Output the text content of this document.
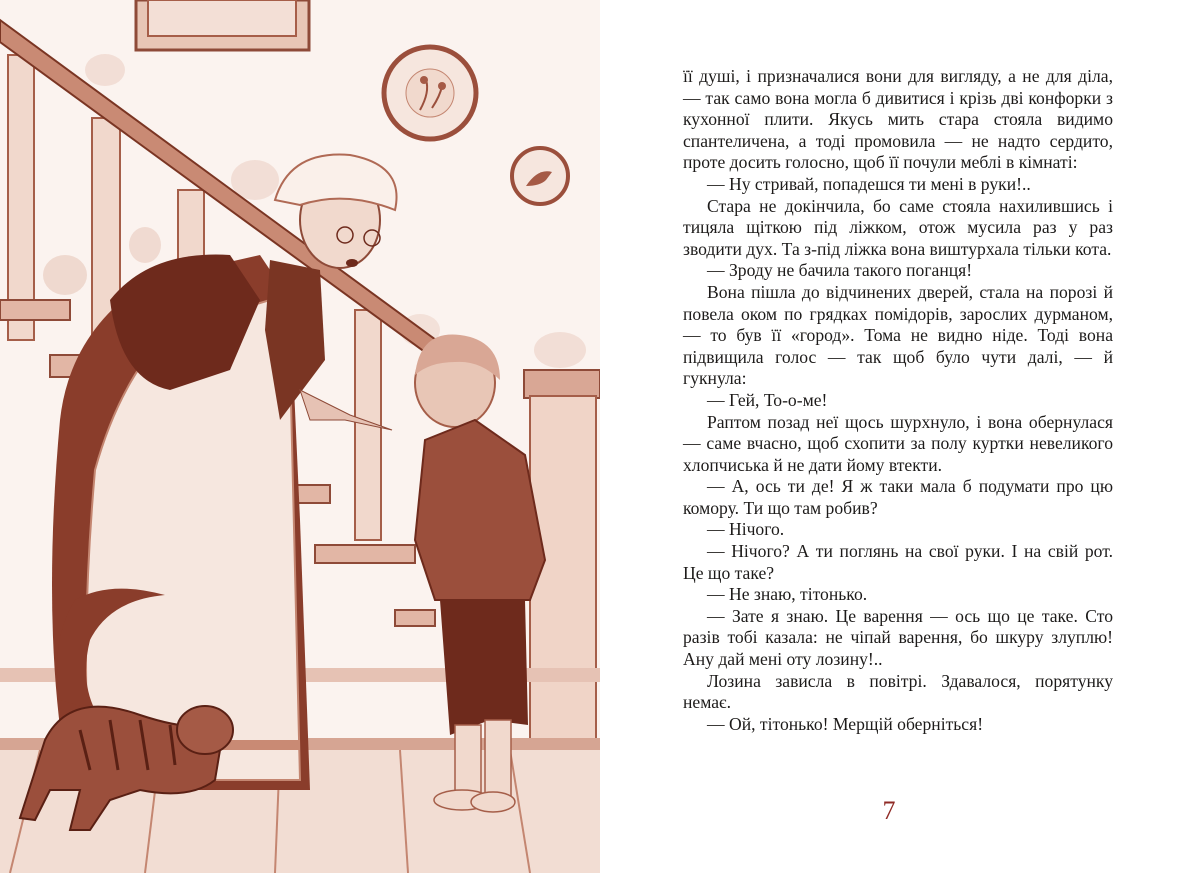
її душі, і призначалися вони для вигляду, а не для діла, — так само вона могла б дивитися і крізь дві конфорки з кухонної плити. Якусь мить стара стояла видимо спантеличена, а тоді промовила — не надто сердито, проте досить голосно, щоб її почули меблі в кімнаті:

— Ну стривай, попадешся ти мені в руки!..

Стара не докінчила, бо саме стояла нахилившись і тицяла щіткою під ліжком, отож мусила раз у раз зводити дух. Та з-під ліжка вона виштурхала тільки кота.

— Зроду не бачила такого поганця!

Вона пішла до відчинених дверей, стала на порозі й повела оком по грядках помідорів, зарослих дурманом, — то був її «город». Тома не видно ніде. Тоді вона підвищила голос — так щоб було чути далі, — й гукнула:

— Гей, То-о-ме!

Раптом позад неї щось шурхнуло, і вона обернулася — саме вчасно, щоб схопити за полу куртки невеликого хлопчиська й не дати йому втекти.

— А, ось ти де! Я ж таки мала б подумати про цю комору. Ти що там робив?

— Нічого.

— Нічого? А ти поглянь на свої руки. І на свій рот. Це що таке?

— Не знаю, тітонько.

— Зате я знаю. Це варення — ось що це таке. Сто разів тобі казала: не чіпай варення, бо шкуру злуплю! Ану дай мені оту лозину!..

Лозина зависла в повітрі. Здавалося, порятунку немає.

— Ой, тітонько! Мерщій оберніться!

7
